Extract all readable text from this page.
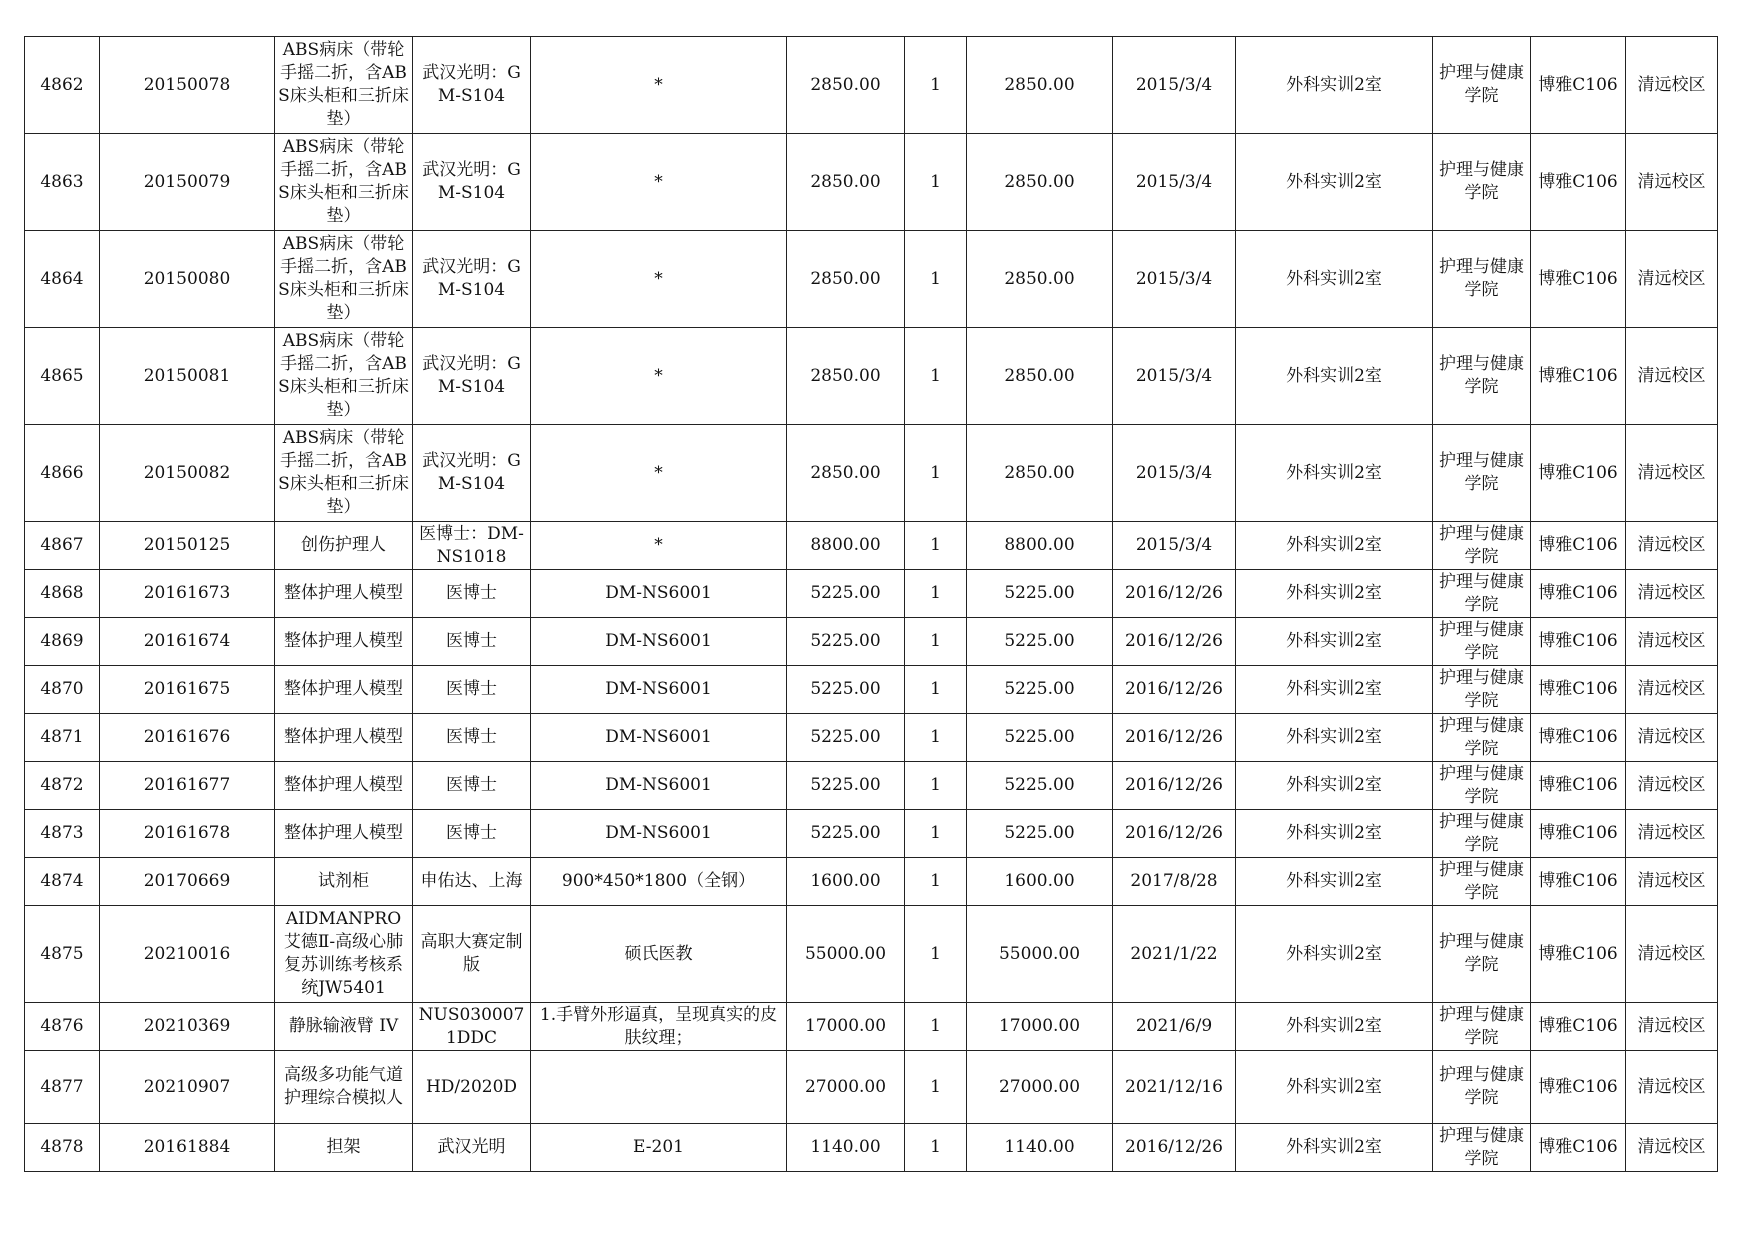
4862	20150078	ABS病床（带轮手摇二折，含ABS床头柜和三折床垫）	武汉光明：GM-S104	*	2850.00	1	2850.00	2015/3/4	外科实训2室	护理与健康学院	博雅C106	清远校区
4863	20150079	ABS病床（带轮手摇二折，含ABS床头柜和三折床垫）	武汉光明：GM-S104	*	2850.00	1	2850.00	2015/3/4	外科实训2室	护理与健康学院	博雅C106	清远校区
4864	20150080	ABS病床（带轮手摇二折，含ABS床头柜和三折床垫）	武汉光明：GM-S104	*	2850.00	1	2850.00	2015/3/4	外科实训2室	护理与健康学院	博雅C106	清远校区
4865	20150081	ABS病床（带轮手摇二折，含ABS床头柜和三折床垫）	武汉光明：GM-S104	*	2850.00	1	2850.00	2015/3/4	外科实训2室	护理与健康学院	博雅C106	清远校区
4866	20150082	ABS病床（带轮手摇二折，含ABS床头柜和三折床垫）	武汉光明：GM-S104	*	2850.00	1	2850.00	2015/3/4	外科实训2室	护理与健康学院	博雅C106	清远校区
4867	20150125	创伤护理人	医博士：DM-NS1018	*	8800.00	1	8800.00	2015/3/4	外科实训2室	护理与健康学院	博雅C106	清远校区
4868	20161673	整体护理人模型	医博士	DM-NS6001	5225.00	1	5225.00	2016/12/26	外科实训2室	护理与健康学院	博雅C106	清远校区
4869	20161674	整体护理人模型	医博士	DM-NS6001	5225.00	1	5225.00	2016/12/26	外科实训2室	护理与健康学院	博雅C106	清远校区
4870	20161675	整体护理人模型	医博士	DM-NS6001	5225.00	1	5225.00	2016/12/26	外科实训2室	护理与健康学院	博雅C106	清远校区
4871	20161676	整体护理人模型	医博士	DM-NS6001	5225.00	1	5225.00	2016/12/26	外科实训2室	护理与健康学院	博雅C106	清远校区
4872	20161677	整体护理人模型	医博士	DM-NS6001	5225.00	1	5225.00	2016/12/26	外科实训2室	护理与健康学院	博雅C106	清远校区
4873	20161678	整体护理人模型	医博士	DM-NS6001	5225.00	1	5225.00	2016/12/26	外科实训2室	护理与健康学院	博雅C106	清远校区
4874	20170669	试剂柜	申佑达、上海	900*450*1800（全钢）	1600.00	1	1600.00	2017/8/28	外科实训2室	护理与健康学院	博雅C106	清远校区
4875	20210016	AIDMANPRO 艾德Ⅱ-高级心肺复苏训练考核系统JW5401	高职大赛定制版	硕氏医教	55000.00	1	55000.00	2021/1/22	外科实训2室	护理与健康学院	博雅C106	清远校区
4876	20210369	静脉输液臂 IV	NUS0300071DDC	1.手臂外形逼真，呈现真实的皮肤纹理；	17000.00	1	17000.00	2021/6/9	外科实训2室	护理与健康学院	博雅C106	清远校区
4877	20210907	高级多功能气道护理综合模拟人	HD/2020D		27000.00	1	27000.00	2021/12/16	外科实训2室	护理与健康学院	博雅C106	清远校区
4878	20161884	担架	武汉光明	E-201	1140.00	1	1140.00	2016/12/26	外科实训2室	护理与健康学院	博雅C106	清远校区
